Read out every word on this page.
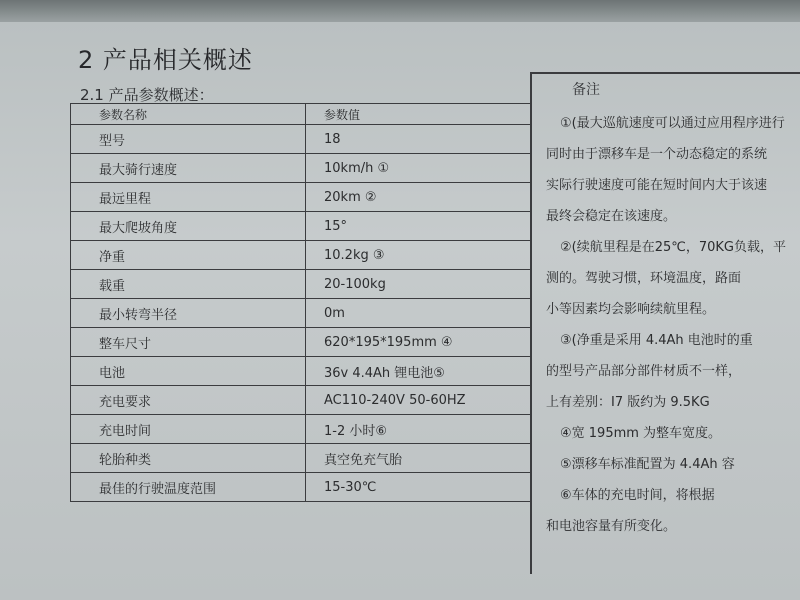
2 产品相关概述
2.1 产品参数概述：	备注
参数名称	参数值
型号	18
最大骑行速度	10km/h ①
最远里程	20km ②
最大爬坡角度	15°
净重	10.2kg ③
载重	20-100kg
最小转弯半径	0m
整车尺寸	620*195*195mm ④
电池	36v 4.4Ah 锂电池⑤
充电要求	AC110-240V 50-60HZ
充电时间	1-2 小时⑥
轮胎种类	真空免充气胎
最佳的行驶温度范围	15-30℃

①(最大巡航速度可以通过应用程序进行

同时由于漂移车是一个动态稳定的系统

实际行驶速度可能在短时间内大于该速

最终会稳定在该速度。

②(续航里程是在25℃，70KG负载，平

测的。驾驶习惯，环境温度，路面

小等因素均会影响续航里程。

③(净重是采用 4.4Ah 电池时的重

的型号产品部分部件材质不一样，

上有差别：I7 版约为 9.5KG

④宽 195mm 为整车宽度。

⑤漂移车标准配置为 4.4Ah 容

⑥车体的充电时间，将根据

和电池容量有所变化。
